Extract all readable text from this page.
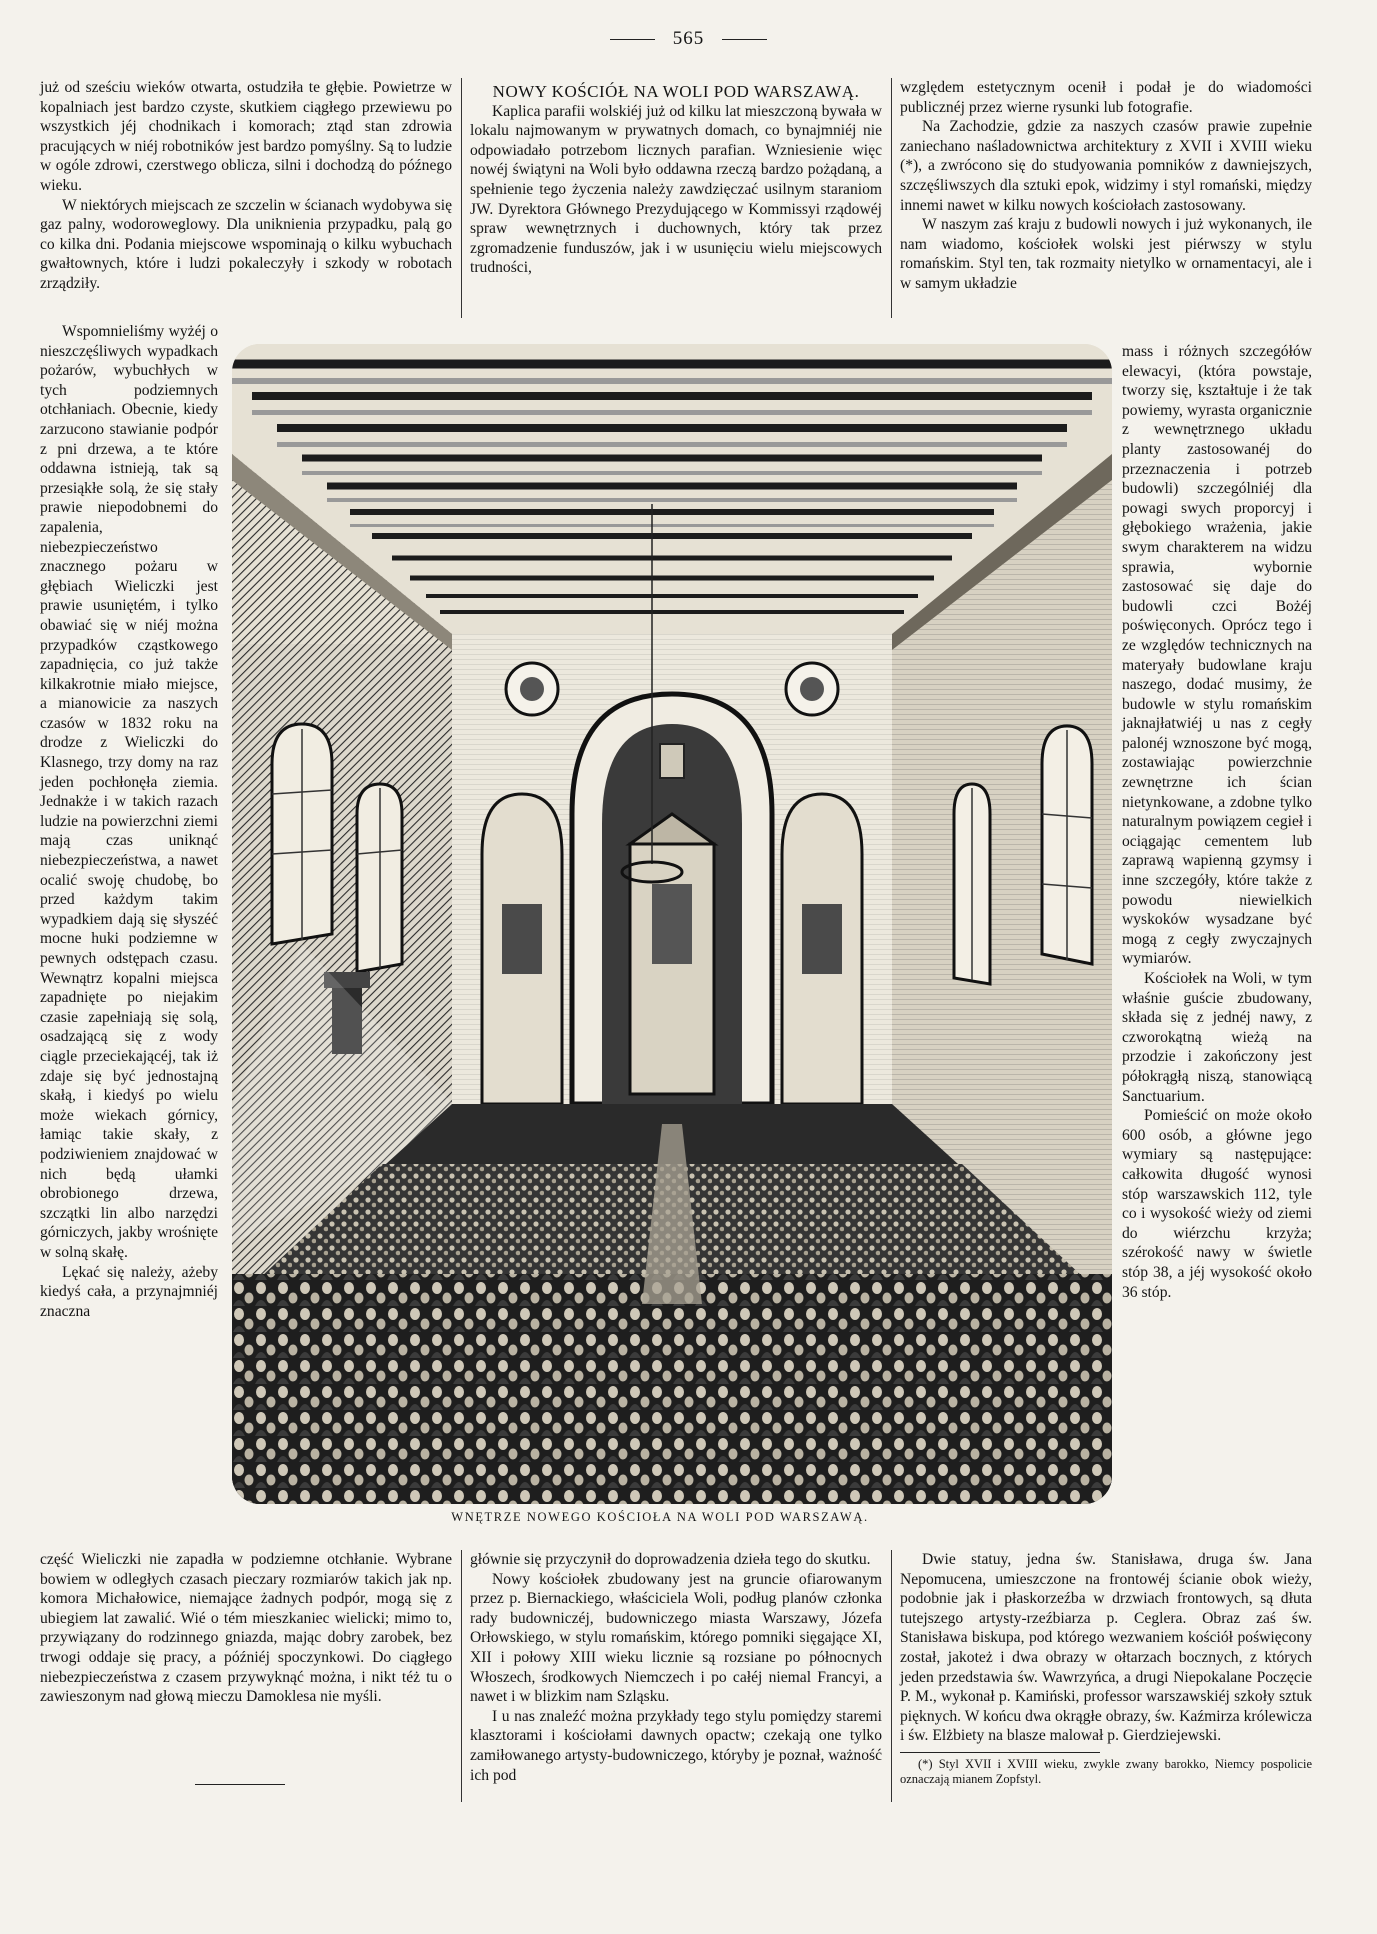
565

już od sześciu wieków otwarta, ostudziła te głębie. Powietrze w kopalniach jest bardzo czyste, skutkiem ciągłego przewiewu po wszystkich jéj chodnikach i komorach; ztąd stan zdrowia pracujących w niéj robotników jest bardzo pomyślny. Są to ludzie w ogóle zdrowi, czerstwego oblicza, silni i dochodzą do późnego wieku.

W niektórych miejscach ze szczelin w ścianach wydobywa się gaz palny, wodoroweglowy. Dla uniknienia przypadku, palą go co kilka dni. Podania miejscowe wspominają o kilku wybuchach gwałtownych, które i ludzi pokaleczyły i szkody w robotach zrządziły.

Wspomnieliśmy wyżéj o nieszczęśliwych wypadkach pożarów, wybuchłych w tych podziemnych otchłaniach. Obecnie, kiedy zarzucono stawianie podpór z pni drzewa, a te które oddawna istnieją, tak są przesiąkłe solą, że się stały prawie niepodobnemi do zapalenia, niebezpieczeństwo znacznego pożaru w głębiach Wieliczki jest prawie usuniętém, i tylko obawiać się w niéj można przypadków cząstkowego zapadnięcia, co już także kilkakrotnie miało miejsce, a mianowicie za naszych czasów w 1832 roku na drodze z Wieliczki do Klasnego, trzy domy na raz jeden pochłonęła ziemia. Jednakże i w takich razach ludzie na powierzchni ziemi mają czas uniknąć niebezpieczeństwa, a nawet ocalić swoję chudobę, bo przed każdym takim wypadkiem dają się słyszéć mocne huki podziemne w pewnych odstępach czasu. Wewnątrz kopalni miejsca zapadnięte po niejakim czasie zapełniają się solą, osadzającą się z wody ciągle przeciekającéj, tak iż zdaje się być jednostajną skałą, i kiedyś po wielu może wiekach górnicy, łamiąc takie skały, z podziwieniem znajdować w nich będą ułamki obrobionego drzewa, szczątki lin albo narzędzi górniczych, jakby wrośnięte w solną skałę.

Lękać się należy, ażeby kiedyś cała, a przynajmniéj znaczna

część Wieliczki nie zapadła w podziemne otchłanie. Wybrane bowiem w odległych czasach pieczary rozmiarów takich jak np. komora Michałowice, niemające żadnych podpór, mogą się z ubiegiem lat zawalić. Wié o tém mieszkaniec wielicki; mimo to, przywiązany do rodzinnego gniazda, mając dobry zarobek, bez trwogi oddaje się pracy, a późniéj spoczynkowi. Do ciągłego niebezpieczeństwa z czasem przywyknąć można, i nikt téż tu o zawieszonym nad głową mieczu Damoklesa nie myśli.

NOWY KOŚCIÓŁ NA WOLI POD WARSZAWĄ.

Kaplica parafii wolskiéj już od kilku lat mieszczoną bywała w lokalu najmowanym w prywatnych domach, co bynajmniéj nie odpowiadało potrzebom licznych parafian. Wzniesienie więc nowéj świątyni na Woli było oddawna rzeczą bardzo pożądaną, a spełnienie tego życzenia należy zawdzięczać usilnym staraniom JW. Dyrektora Głównego Prezydującego w Kommissyi rządowéj spraw wewnętrznych i duchownych, który tak przez zgromadzenie funduszów, jak i w usunięciu wielu miejscowych trudności,

głównie się przyczynił do doprowadzenia dzieła tego do skutku.

Nowy kościołek zbudowany jest na gruncie ofiarowanym przez p. Biernackiego, właściciela Woli, podług planów członka rady budowniczéj, budowniczego miasta Warszawy, Józefa Orłowskiego, w stylu romańskim, którego pomniki sięgające XI, XII i połowy XIII wieku licznie są rozsiane po północnych Włoszech, środkowych Niemczech i po całéj niemal Francyi, a nawet i w blizkim nam Szląsku.

I u nas znaleźć można przykłady tego stylu pomiędzy staremi klasztorami i kościołami dawnych opactw; czekają one tylko zamiłowanego artysty-budowniczego, któryby je poznał, ważność ich pod

względem estetycznym ocenił i podał je do wiadomości publicznéj przez wierne rysunki lub fotografie.

Na Zachodzie, gdzie za naszych czasów prawie zupełnie zaniechano naśladownictwa architektury z XVII i XVIII wieku (*), a zwrócono się do studyowania pomników z dawniejszych, szczęśliwszych dla sztuki epok, widzimy i styl romański, między innemi nawet w kilku nowych kościołach zastosowany.

W naszym zaś kraju z budowli nowych i już wykonanych, ile nam wiadomo, kościołek wolski jest piérwszy w stylu romańskim. Styl ten, tak rozmaity nietylko w ornamentacyi, ale i w samym układzie

mass i różnych szczegółów elewacyi, (która powstaje, tworzy się, kształtuje i że tak powiemy, wyrasta organicznie z wewnętrznego układu planty zastosowanéj do przeznaczenia i potrzeb budowli) szczególniéj dla powagi swych proporcyj i głębokiego wrażenia, jakie swym charakterem na widzu sprawia, wybornie zastosować się daje do budowli czci Bożéj poświęconych. Oprócz tego i ze względów technicznych na materyały budowlane kraju naszego, dodać musimy, że budowle w stylu romańskim jaknajłatwiéj u nas z cegły palonéj wznoszone być mogą, zostawiając powierzchnie zewnętrzne ich ścian nietynkowane, a zdobne tylko naturalnym powiązem cegieł i ociągając cementem lub zaprawą wapienną gzymsy i inne szczegóły, które także z powodu niewielkich wyskoków wysadzane być mogą z cegły zwyczajnych wymiarów.

Kościołek na Woli, w tym właśnie guście zbudowany, składa się z jednéj nawy, z czworokątną wieżą na przodzie i zakończony jest półokrągłą niszą, stanowiącą Sanctuarium.

Pomieścić on może około 600 osób, a główne jego wymiary są następujące: całkowita długość wynosi stóp warszawskich 112, tyle co i wysokość wieży od ziemi do wiérzchu krzyża; szérokość nawy w świetle stóp 38, a jéj wysokość około 36 stóp.

Dwie statuy, jedna św. Stanisława, druga św. Jana Nepomucena, umieszczone na frontowéj ścianie obok wieży, podobnie jak i płaskorzeźba w drzwiach frontowych, są dłuta tutejszego artysty-rzeźbiarza p. Ceglera. Obraz zaś św. Stanisława biskupa, pod którego wezwaniem kościół poświęcony został, jakoteż i dwa obrazy w ołtarzach bocznych, z których jeden przedstawia św. Wawrzyńca, a drugi Niepokalane Poczęcie P. M., wykonał p. Kamiński, professor warszawskiéj szkoły sztuk pięknych. W końcu dwa okrągłe obrazy, św. Kaźmirza królewicza i św. Elżbiety na blasze malował p. Gierdziejewski.

(*) Styl XVII i XVIII wieku, zwykle zwany barokko, Niemcy pospolicie oznaczają mianem Zopfstyl.

WNĘTRZE NOWEGO KOŚCIOŁA NA WOLI POD WARSZAWĄ.
